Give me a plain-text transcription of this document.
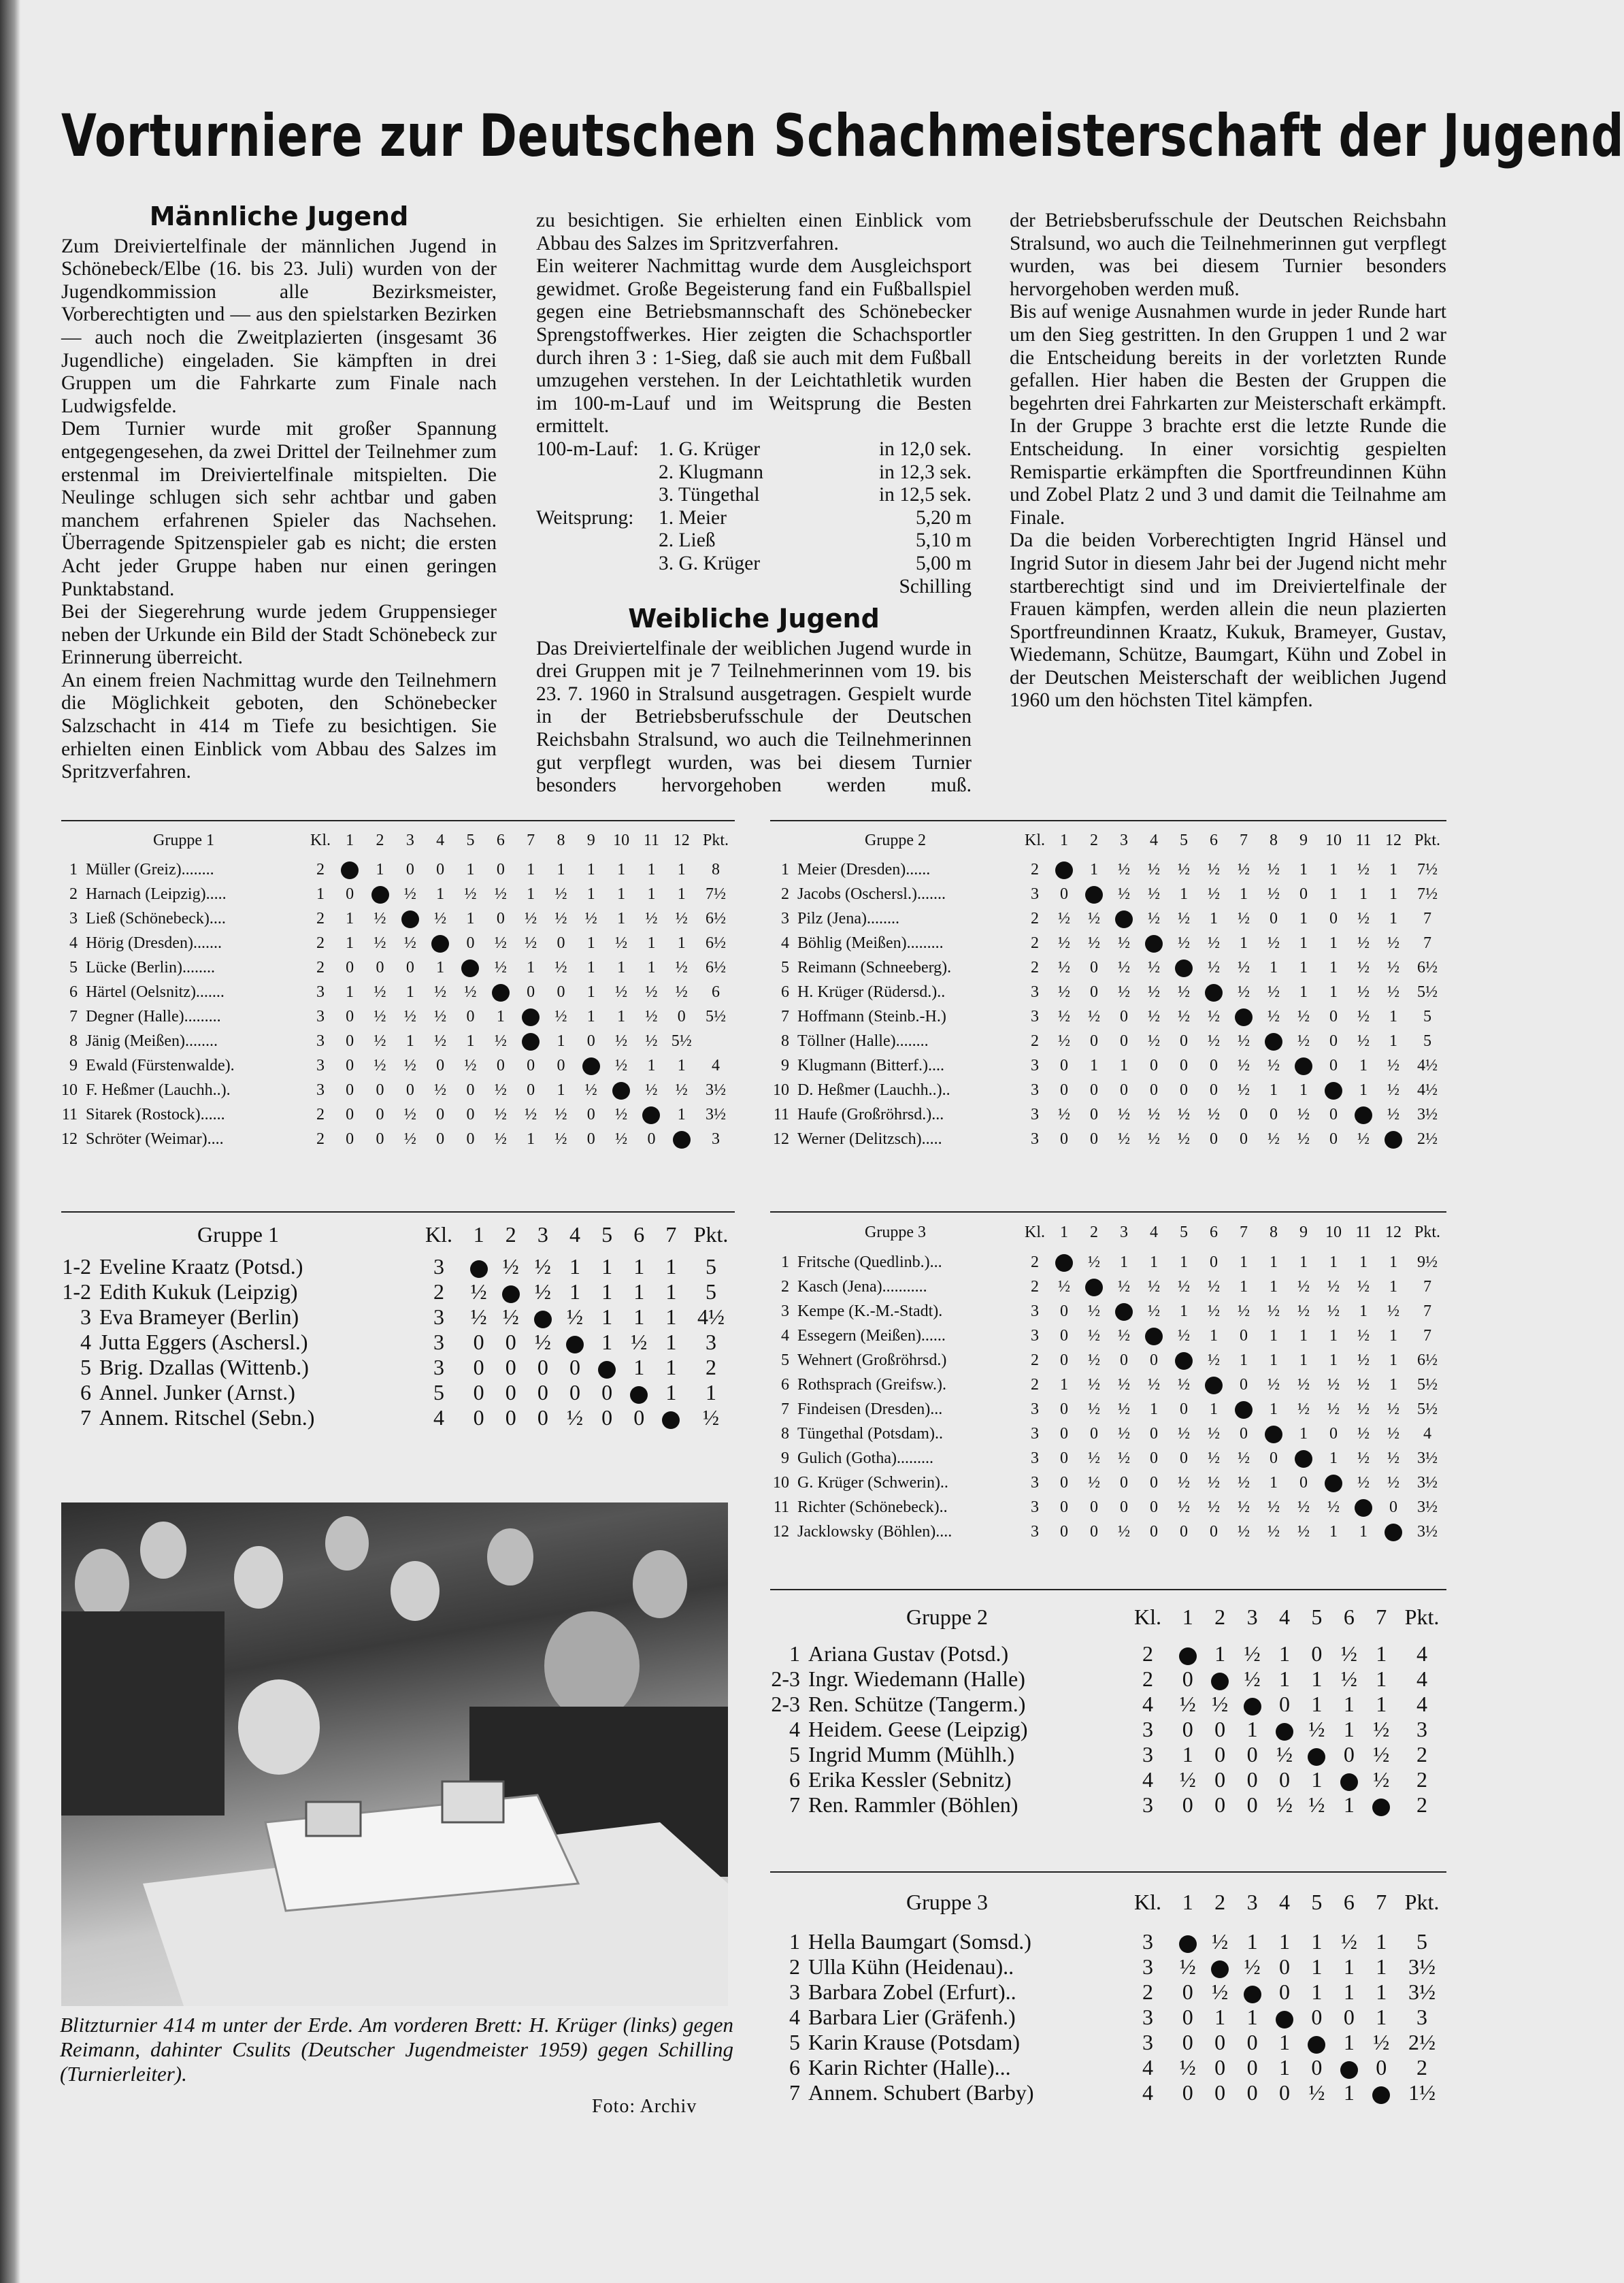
Vorturniere zur Deutschen Schachmeisterschaft der Jugend
Männliche Jugend

Zum Dreiviertelfinale der männlichen Jugend in Schönebeck/Elbe (16. bis 23. Juli) wurden von der Jugendkommission alle Bezirksmeister, Vorberechtigten und — aus den spielstarken Bezirken — auch noch die Zweitplazierten (insgesamt 36 Jugendliche) eingeladen. Sie kämpften in drei Gruppen um die Fahrkarte zum Finale nach Ludwigsfelde.

Dem Turnier wurde mit großer Spannung entgegengesehen, da zwei Drittel der Teilnehmer zum erstenmal im Dreiviertelfinale mitspielten. Die Neulinge schlugen sich sehr achtbar und gaben manchem erfahrenen Spieler das Nachsehen. Überragende Spitzenspieler gab es nicht; die ersten Acht jeder Gruppe haben nur einen geringen Punktabstand.

Bei der Siegerehrung wurde jedem Gruppensieger neben der Urkunde ein Bild der Stadt Schönebeck zur Erinnerung überreicht.

An einem freien Nachmittag wurde den Teilnehmern die Möglichkeit geboten, den Schönebecker Salzschacht in 414 m Tiefe zu besichtigen. Sie erhielten einen Einblick vom Abbau des Salzes im Spritzverfahren.

zu besichtigen. Sie erhielten einen Einblick vom Abbau des Salzes im Spritzverfahren.

Ein weiterer Nachmittag wurde dem Ausgleichsport gewidmet. Große Begeisterung fand ein Fußballspiel gegen eine Betriebsmannschaft des Schönebecker Sprengstoffwerkes. Hier zeigten die Schachsportler durch ihren 3 : 1-Sieg, daß sie auch mit dem Fußball umzugehen verstehen. In der Leichtathletik wurden im 100-m-Lauf und im Weitsprung die Besten ermittelt.

100-m-Lauf:	1. G. Krüger	in 12,0 sek.
	2. Klugmann	in 12,3 sek.
	3. Tüngethal	in 12,5 sek.
Weitsprung:	1. Meier	5,20 m
	2. Ließ	5,10 m
	3. G. Krüger	5,00 m
		Schilling
Weibliche Jugend

Das Dreiviertelfinale der weiblichen Jugend wurde in drei Gruppen mit je 7 Teilnehmerinnen vom 19. bis 23. 7. 1960 in Stralsund ausgetragen. Gespielt wurde in der Betriebsberufsschule der Deutschen Reichsbahn Stralsund, wo auch die Teilnehmerinnen gut verpflegt wurden, was bei diesem Turnier besonders hervorgehoben werden muß.

der Betriebsberufsschule der Deutschen Reichsbahn Stralsund, wo auch die Teilnehmerinnen gut verpflegt wurden, was bei diesem Turnier besonders hervorgehoben werden muß.

Bis auf wenige Ausnahmen wurde in jeder Runde hart um den Sieg gestritten. In den Gruppen 1 und 2 war die Entscheidung bereits in der vorletzten Runde gefallen. Hier haben die Besten der Gruppen die begehrten drei Fahrkarten zur Meisterschaft erkämpft. In der Gruppe 3 brachte erst die letzte Runde die Entscheidung. In einer vorsichtig gespielten Remispartie erkämpften die Sportfreundinnen Kühn und Zobel Platz 2 und 3 und damit die Teilnahme am Finale.

Da die beiden Vorberechtigten Ingrid Hänsel und Ingrid Sutor in diesem Jahr bei der Jugend nicht mehr startberechtigt sind und im Dreiviertelfinale der Frauen kämpfen, werden allein die neun plazierten Sportfreundinnen Kraatz, Kukuk, Brameyer, Gustav, Wiedemann, Schütze, Baumgart, Kühn und Zobel in der Deutschen Meisterschaft der weiblichen Jugend 1960 um den höchsten Titel kämpfen.

Gruppe 1		Kl.	1	2	3	4	5	6	7	8	9	10	11	12	Pkt.
1	Müller (Greiz)........	2		1	0	0	1	0	1	1	1	1	1	1	8
2	Harnach (Leipzig).....	1	0		½	1	½	½	1	½	1	1	1	1	7½
3	Ließ (Schönebeck)....	2	1	½		½	1	0	½	½	½	1	½	½	6½
4	Hörig (Dresden).......	2	1	½	½		0	½	½	0	1	½	1	1	6½
5	Lücke (Berlin)........	2	0	0	0	1		½	1	½	1	1	1	½	6½
6	Härtel (Oelsnitz).......	3	1	½	1	½	½		0	0	1	½	½	½	6
7	Degner (Halle).........	3	0	½	½	½	0	1		½	1	1	½	0	5½
8	Jänig (Meißen)........	3	0	½	1	½	1	½		1	0	½	½	5½	
9	Ewald (Fürstenwalde).	3	0	½	½	0	½	0	0	0		½	1	1	4
10	F. Heßmer (Lauchh..).	3	0	0	0	½	0	½	0	1	½		½	½	3½
11	Sitarek (Rostock)......	2	0	0	½	0	0	½	½	½	0	½		1	3½
12	Schröter (Weimar)....	2	0	0	½	0	0	½	1	½	0	½	0		3
Gruppe 2		Kl.	1	2	3	4	5	6	7	8	9	10	11	12	Pkt.
1	Meier (Dresden)......	2		1	½	½	½	½	½	½	1	1	½	1	7½
2	Jacobs (Oschersl.).......	3	0		½	½	1	½	1	½	0	1	1	1	7½
3	Pilz (Jena)........	2	½	½		½	½	1	½	0	1	0	½	1	7
4	Böhlig (Meißen).........	2	½	½	½		½	½	1	½	1	1	½	½	7
5	Reimann (Schneeberg).	2	½	0	½	½		½	½	1	1	1	½	½	6½
6	H. Krüger (Rüdersd.)..	3	½	0	½	½	½		½	½	1	1	½	½	5½
7	Hoffmann (Steinb.-H.)	3	½	½	0	½	½	½		½	½	0	½	1	5
8	Töllner (Halle)........	2	½	0	0	½	0	½	½		½	0	½	1	5
9	Klugmann (Bitterf.)....	3	0	1	1	0	0	0	½	½		0	1	½	4½
10	D. Heßmer (Lauchh..)..	3	0	0	0	0	0	0	½	1	1		1	½	4½
11	Haufe (Großröhrsd.)...	3	½	0	½	½	½	½	0	0	½	0		½	3½
12	Werner (Delitzsch).....	3	0	0	½	½	½	0	0	½	½	0	½		2½
Gruppe 3		Kl.	1	2	3	4	5	6	7	8	9	10	11	12	Pkt.
1	Fritsche (Quedlinb.)...	2		½	1	1	1	0	1	1	1	1	1	1	9½
2	Kasch (Jena)...........	2	½		½	½	½	½	1	1	½	½	½	1	7
3	Kempe (K.-M.-Stadt).	3	0	½		½	1	½	½	½	½	½	1	½	7
4	Essegern (Meißen)......	3	0	½	½		½	1	0	1	1	1	½	1	7
5	Wehnert (Großröhrsd.)	2	0	½	0	0		½	1	1	1	1	½	1	6½
6	Rothsprach (Greifsw.).	2	1	½	½	½	½		0	½	½	½	½	1	5½
7	Findeisen (Dresden)...	3	0	½	½	1	0	1		1	½	½	½	½	5½
8	Tüngethal (Potsdam)..	3	0	0	½	0	½	½	0		1	0	½	½	4
9	Gulich (Gotha).........	3	0	½	½	0	0	½	½	0		1	½	½	3½
10	G. Krüger (Schwerin)..	3	0	½	0	0	½	½	½	1	0		½	½	3½
11	Richter (Schönebeck)..	3	0	0	0	0	½	½	½	½	½	½		0	3½
12	Jacklowsky (Böhlen)....	3	0	0	½	0	0	0	½	½	½	1	1		3½
Gruppe 1		Kl.	1	2	3	4	5	6	7	Pkt.
1-2	Eveline Kraatz (Potsd.)	3		½	½	1	1	1	1	5
1-2	Edith Kukuk (Leipzig)	2	½		½	1	1	1	1	5
3	Eva Brameyer (Berlin)	3	½	½		½	1	1	1	4½
4	Jutta Eggers (Aschersl.)	3	0	0	½		1	½	1	3
5	Brig. Dzallas (Wittenb.)	3	0	0	0	0		1	1	2
6	Annel. Junker (Arnst.)	5	0	0	0	0	0		1	1
7	Annem. Ritschel (Sebn.)	4	0	0	0	½	0	0		½
Gruppe 2		Kl.	1	2	3	4	5	6	7	Pkt.
1	Ariana Gustav (Potsd.)	2		1	½	1	0	½	1	4
2-3	Ingr. Wiedemann (Halle)	2	0		½	1	1	½	1	4
2-3	Ren. Schütze (Tangerm.)	4	½	½		0	1	1	1	4
4	Heidem. Geese (Leipzig)	3	0	0	1		½	1	½	3
5	Ingrid Mumm (Mühlh.)	3	1	0	0	½		0	½	2
6	Erika Kessler (Sebnitz)	4	½	0	0	0	1		½	2
7	Ren. Rammler (Böhlen)	3	0	0	0	½	½	1		2
Gruppe 3		Kl.	1	2	3	4	5	6	7	Pkt.
1	Hella Baumgart (Somsd.)	3		½	1	1	1	½	1	5
2	Ulla Kühn (Heidenau)..	3	½		½	0	1	1	1	3½
3	Barbara Zobel (Erfurt)..	2	0	½		0	1	1	1	3½
4	Barbara Lier (Gräfenh.)	3	0	1	1		0	0	1	3
5	Karin Krause (Potsdam)	3	0	0	0	1		1	½	2½
6	Karin Richter (Halle)...	4	½	0	0	1	0		0	2
7	Annem. Schubert (Barby)	4	0	0	0	0	½	1		1½
Blitzturnier 414 m unter der Erde. Am vorderen Brett: H. Krüger (links) gegen Reimann, dahinter Csulits (Deutscher Jugendmeister 1959) gegen Schilling (Turnierleiter).
Foto: Archiv
